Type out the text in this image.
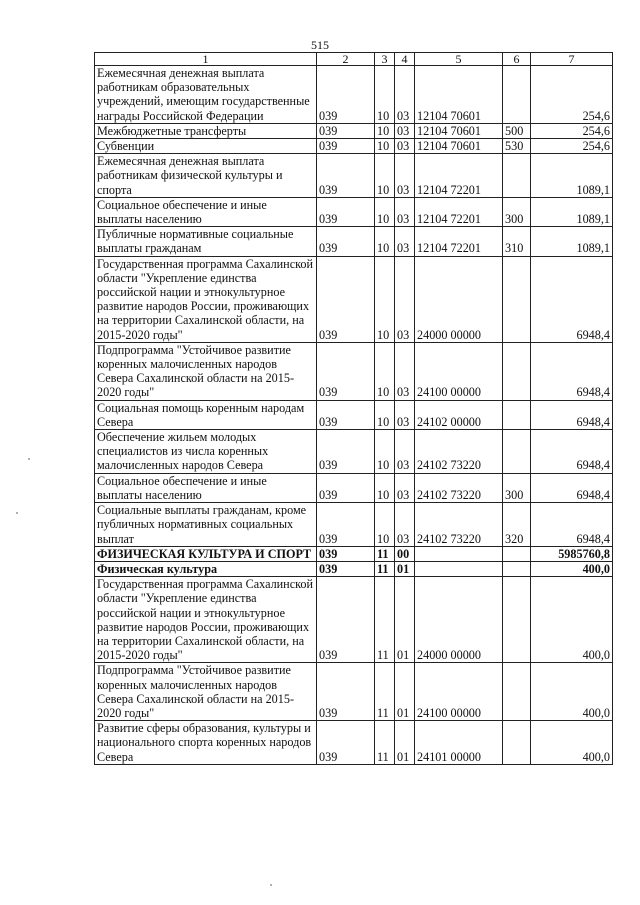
515
1	2	3	4	5	6	7
Ежемесячная денежная выплата работникам образовательных учреждений, имеющим государственные награды Российской Федерации	039	10	03	12104 70601		254,6
Межбюджетные трансферты	039	10	03	12104 70601	500	254,6
Субвенции	039	10	03	12104 70601	530	254,6
Ежемесячная денежная выплата работникам физической культуры и спорта	039	10	03	12104 72201		1089,1
Социальное обеспечение и иные выплаты населению	039	10	03	12104 72201	300	1089,1
Публичные нормативные социальные выплаты гражданам	039	10	03	12104 72201	310	1089,1
Государственная программа Сахалинской области "Укрепление единства российской нации и этнокультурное развитие народов России, проживающих на территории Сахалинской области, на 2015-2020 годы"	039	10	03	24000 00000		6948,4
Подпрограмма "Устойчивое развитие коренных малочисленных народов Севера Сахалинской области на 2015-2020 годы"	039	10	03	24100 00000		6948,4
Социальная помощь коренным народам Севера	039	10	03	24102 00000		6948,4
Обеспечение жильем молодых специалистов из числа коренных малочисленных народов Севера	039	10	03	24102 73220		6948,4
Социальное обеспечение и иные выплаты населению	039	10	03	24102 73220	300	6948,4
Социальные выплаты гражданам, кроме публичных нормативных социальных выплат	039	10	03	24102 73220	320	6948,4
ФИЗИЧЕСКАЯ КУЛЬТУРА И СПОРТ	039	11	00			5985760,8
Физическая культура	039	11	01			400,0
Государственная программа Сахалинской области "Укрепление единства российской нации и этнокультурное развитие народов России, проживающих на территории Сахалинской области, на 2015-2020 годы"	039	11	01	24000 00000		400,0
Подпрограмма "Устойчивое развитие коренных малочисленных народов Севера Сахалинской области на 2015-2020 годы"	039	11	01	24100 00000		400,0
Развитие сферы образования, культуры и национального спорта коренных народов Севера	039	11	01	24101 00000		400,0
